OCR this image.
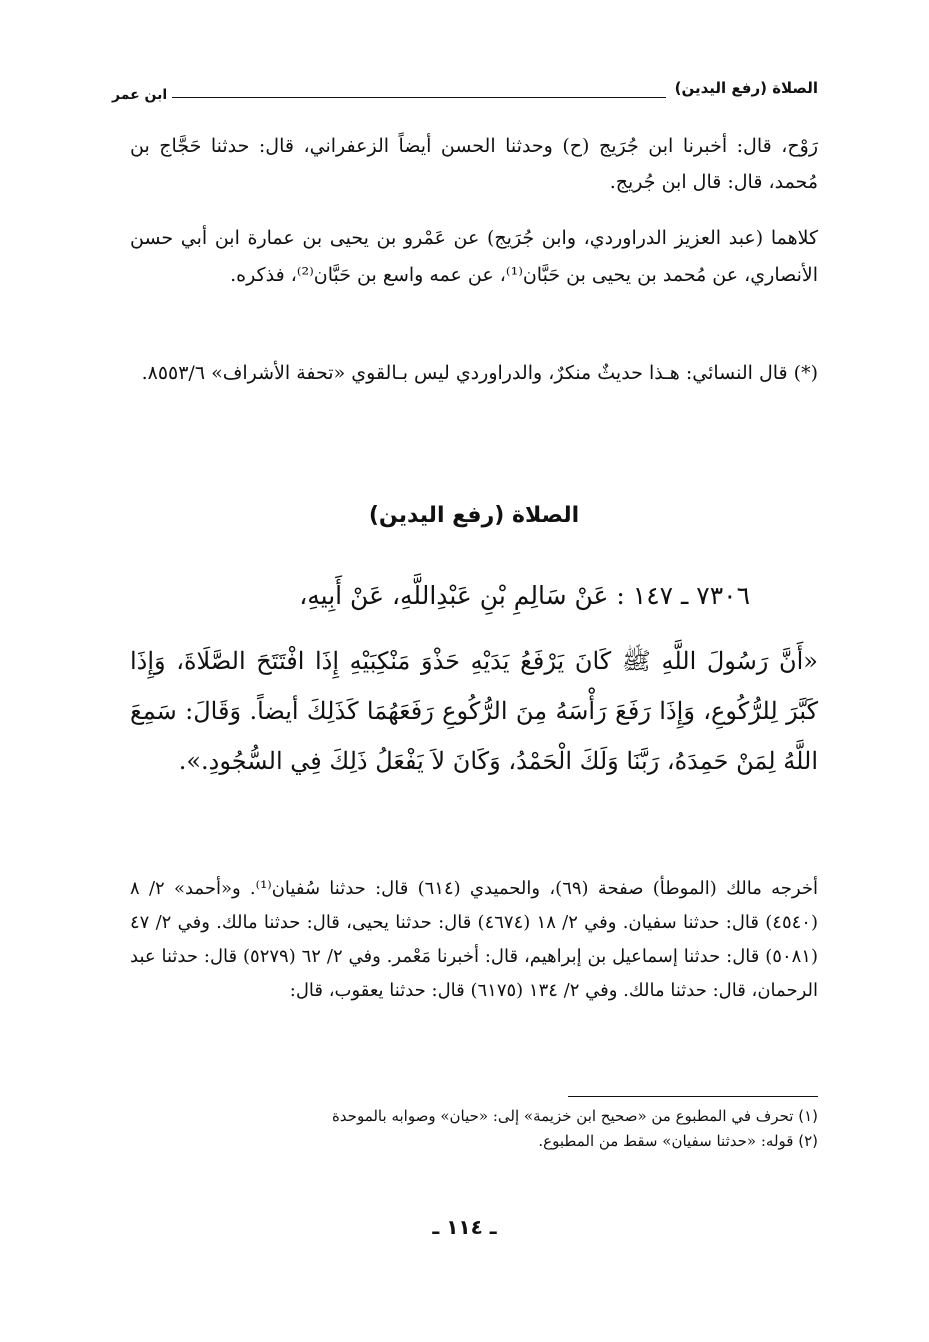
الصلاة (رفع اليدين)
ابن عمر

رَوْح، قال: أخبرنا ابن جُرَيج (ح) وحدثنا الحسن أيضاً الزعفراني، قال: حدثنا حَجَّاج بن مُحمد، قال: قال ابن جُريج.

كلاهما (عبد العزيز الدراوردي، وابن جُرَيج) عن عَمْرو بن يحيى بن عمارة ابن أبي حسن الأنصاري، عن مُحمد بن يحيى بن حَبَّان⁽¹⁾، عن عمه واسع بن حَبَّان⁽²⁾، فذكره.

(*) قال النسائي: هـذا حديثٌ منكرٌ، والدراوردي ليس بـالقوي «تحفة الأشراف» ٨٥٥٣/٦.

الصلاة (رفع اليدين)
٧٣٠٦ ـ ١٤٧ : عَنْ سَالِمِ بْنِ عَبْدِاللَّهِ، عَنْ أَبِيهِ،

«أَنَّ رَسُولَ اللَّهِ ﷺ كَانَ يَرْفَعُ يَدَيْهِ حَذْوَ مَنْكِبَيْهِ إِذَا افْتَتَحَ الصَّلَاةَ، وَإِذَا كَبَّرَ لِلرُّكُوعِ، وَإِذَا رَفَعَ رَأْسَهُ مِنَ الرُّكُوعِ رَفَعَهُمَا كَذَلِكَ أيضاً. وَقَالَ: سَمِعَ اللَّهُ لِمَنْ حَمِدَهُ، رَبَّنَا وَلَكَ الْحَمْدُ، وَكَانَ لاَ يَفْعَلُ ذَلِكَ فِي السُّجُودِ.».

أخرجه مالك (الموطأ) صفحة (٦٩)، والحميدي (٦١٤) قال: حدثنا سُفيان⁽¹⁾. و«أحمد» ٢/ ٨ (٤٥٤٠) قال: حدثنا سفيان. وفي ٢/ ١٨ (٤٦٧٤) قال: حدثنا يحيى، قال: حدثنا مالك. وفي ٢/ ٤٧ (٥٠٨١) قال: حدثنا إسماعيل بن إبراهيم، قال: أخبرنا مَعْمر. وفي ٢/ ٦٢ (٥٢٧٩) قال: حدثنا عبد الرحمان، قال: حدثنا مالك. وفي ٢/ ١٣٤ (٦١٧٥) قال: حدثنا يعقوب، قال:

(١) تحرف في المطبوع من «صحيح ابن خزيمة» إلى: «حيان» وصوابه بالموحدة
(٢) قوله: «حدثنا سفيان» سقط من المطبوع.
ـ ١١٤ ـ
